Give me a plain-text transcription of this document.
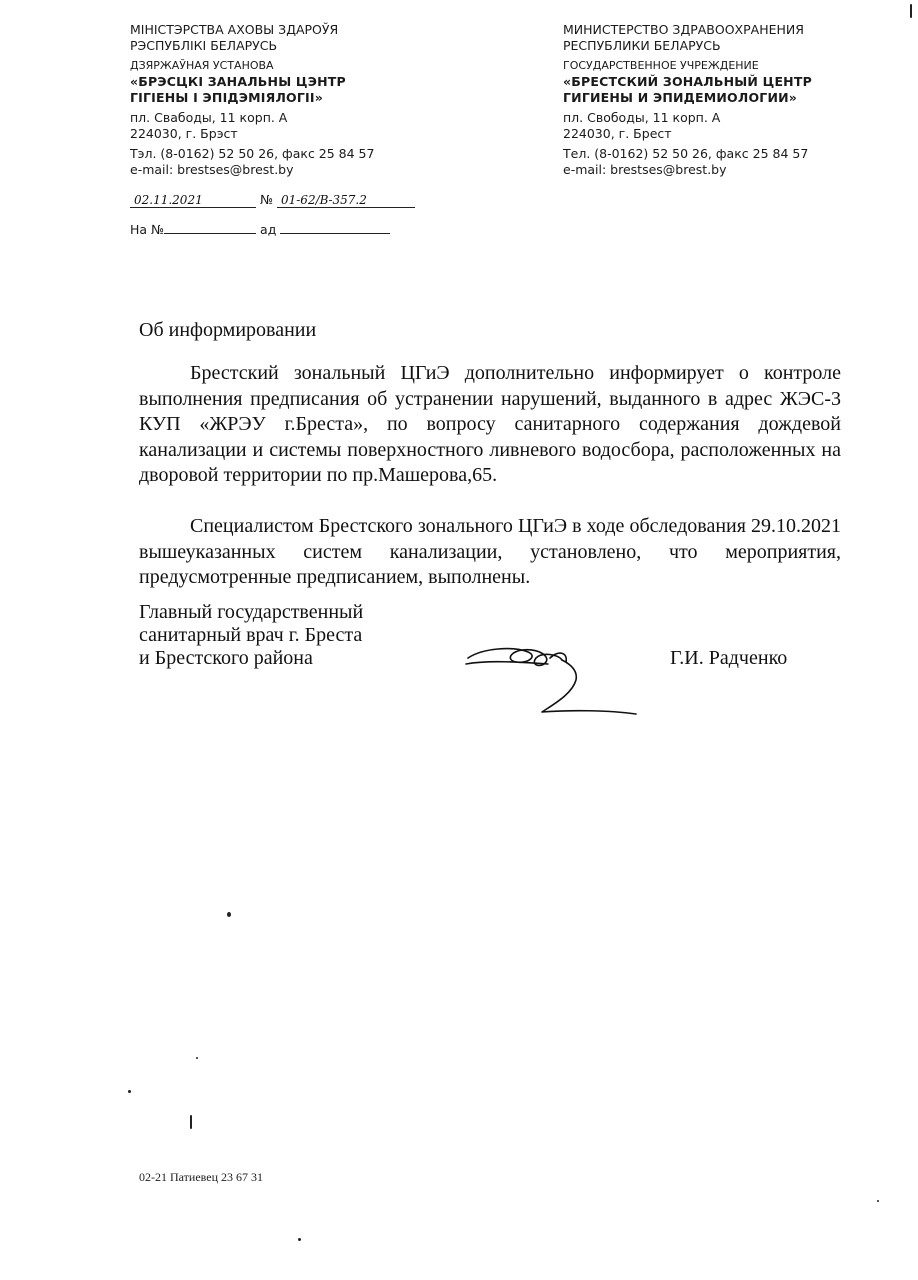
МІНІСТЭРСТВА АХОВЫ ЗДАРОЎЯ
РЭСПУБЛІКІ БЕЛАРУСЬ
ДЗЯРЖАЎНАЯ УСТАНОВА
«БРЭСЦКІ ЗАНАЛЬНЫ ЦЭНТР
ГІГІЕНЫ І ЭПІДЭМІЯЛОГІІ»
пл. Свабоды, 11 корп. А
224030, г. Брэст
Тэл. (8-0162) 52 50 26, факс 25 84 57
e-mail: brestses@brest.by
МИНИСТЕРСТВО ЗДРАВООХРАНЕНИЯ
РЕСПУБЛИКИ БЕЛАРУСЬ
ГОСУДАРСТВЕННОЕ УЧРЕЖДЕНИЕ
«БРЕСТСКИЙ ЗОНАЛЬНЫЙ ЦЕНТР
ГИГИЕНЫ И ЭПИДЕМИОЛОГИИ»
пл. Свободы, 11 корп. А
224030, г. Брест
Тел. (8-0162) 52 50 26, факс 25 84 57
e-mail: brestses@brest.by
02.11.2021	№ 01-62/В-357.2
На №	ад
Об информировании
Брестский зональный ЦГиЭ дополнительно информирует о контроле выполнения предписания об устранении нарушений, выданного в адрес ЖЭС-3 КУП «ЖРЭУ г.Бреста», по вопросу санитарного содержания дождевой канализации и системы поверхностного ливневого водосбора, расположенных на дворовой территории по пр.Машерова,65.
Специалистом Брестского зонального ЦГиЭ в ходе обследования 29.10.2021 вышеуказанных систем канализации, установлено, что мероприятия, предусмотренные предписанием, выполнены.
Главный государственный
санитарный врач г. Бреста
и Брестского района	Г.И. Радченко
02-21 Патиевец 23 67 31
